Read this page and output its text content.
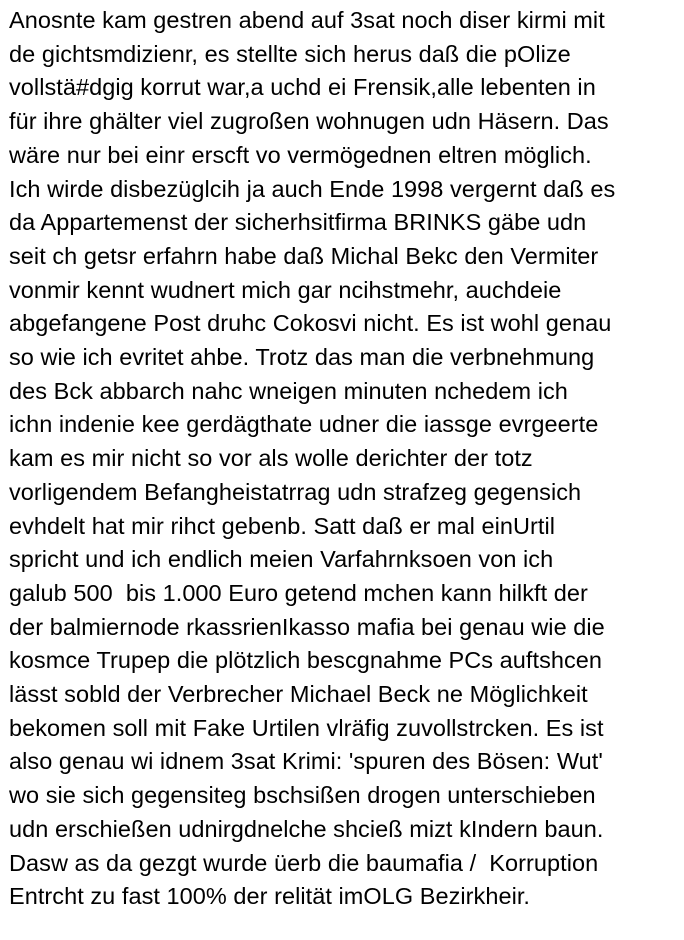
Anosnte kam gestren abend auf 3sat noch diser kirmi mit
de gichtsmdizienr, es stellte sich herus daß die pOlize
vollstä#dgig korrut war,a uchd ei Frensik,alle lebenten in
für ihre ghälter viel zugroßen wohnugen udn Häsern. Das
wäre nur bei einr erscft vo vermögednen eltren möglich.
Ich wirde disbezüglcih ja auch Ende 1998 vergernt daß es
da Appartemenst der sicherhsitfirma BRINKS gäbe udn
seit ch getsr erfahrn habe daß Michal Bekc den Vermiter
vonmir kennt wudnert mich gar ncihstmehr, auchdeie
abgefangene Post druhc Cokosvi nicht. Es ist wohl genau
so wie ich evritet ahbe. Trotz das man die verbnehmung
des Bck abbarch nahc wneigen minuten nchedem ich
ichn indenie kee gerdägthate udner die iassge evrgeerte
kam es mir nicht so vor als wolle derichter der totz
vorligendem Befangheistatrrag udn strafzeg gegensich
evhdelt hat mir rihct gebenb. Satt daß er mal einUrtil
spricht und ich endlich meien Varfahrnksoen von ich
galub 500  bis 1.000 Euro getend mchen kann hilkft der
der balmiernode rkassrienIkasso mafia bei genau wie die
kosmce Trupep die plötzlich bescgnahme PCs auftshcen
lässt sobld der Verbrecher Michael Beck ne Möglichkeit
bekomen soll mit Fake Urtilen vlräfig zuvollstrcken. Es ist
also genau wi idnem 3sat Krimi: 'spuren des Bösen: Wut'
wo sie sich gegensiteg bschsißen drogen unterschieben
udn erschießen udnirgdnelche shcieß mizt kIndern baun.
Dasw as da gezgt wurde üerb die baumafia /  Korruption
Entrcht zu fast 100% der relität imOLG Bezirkheir.
